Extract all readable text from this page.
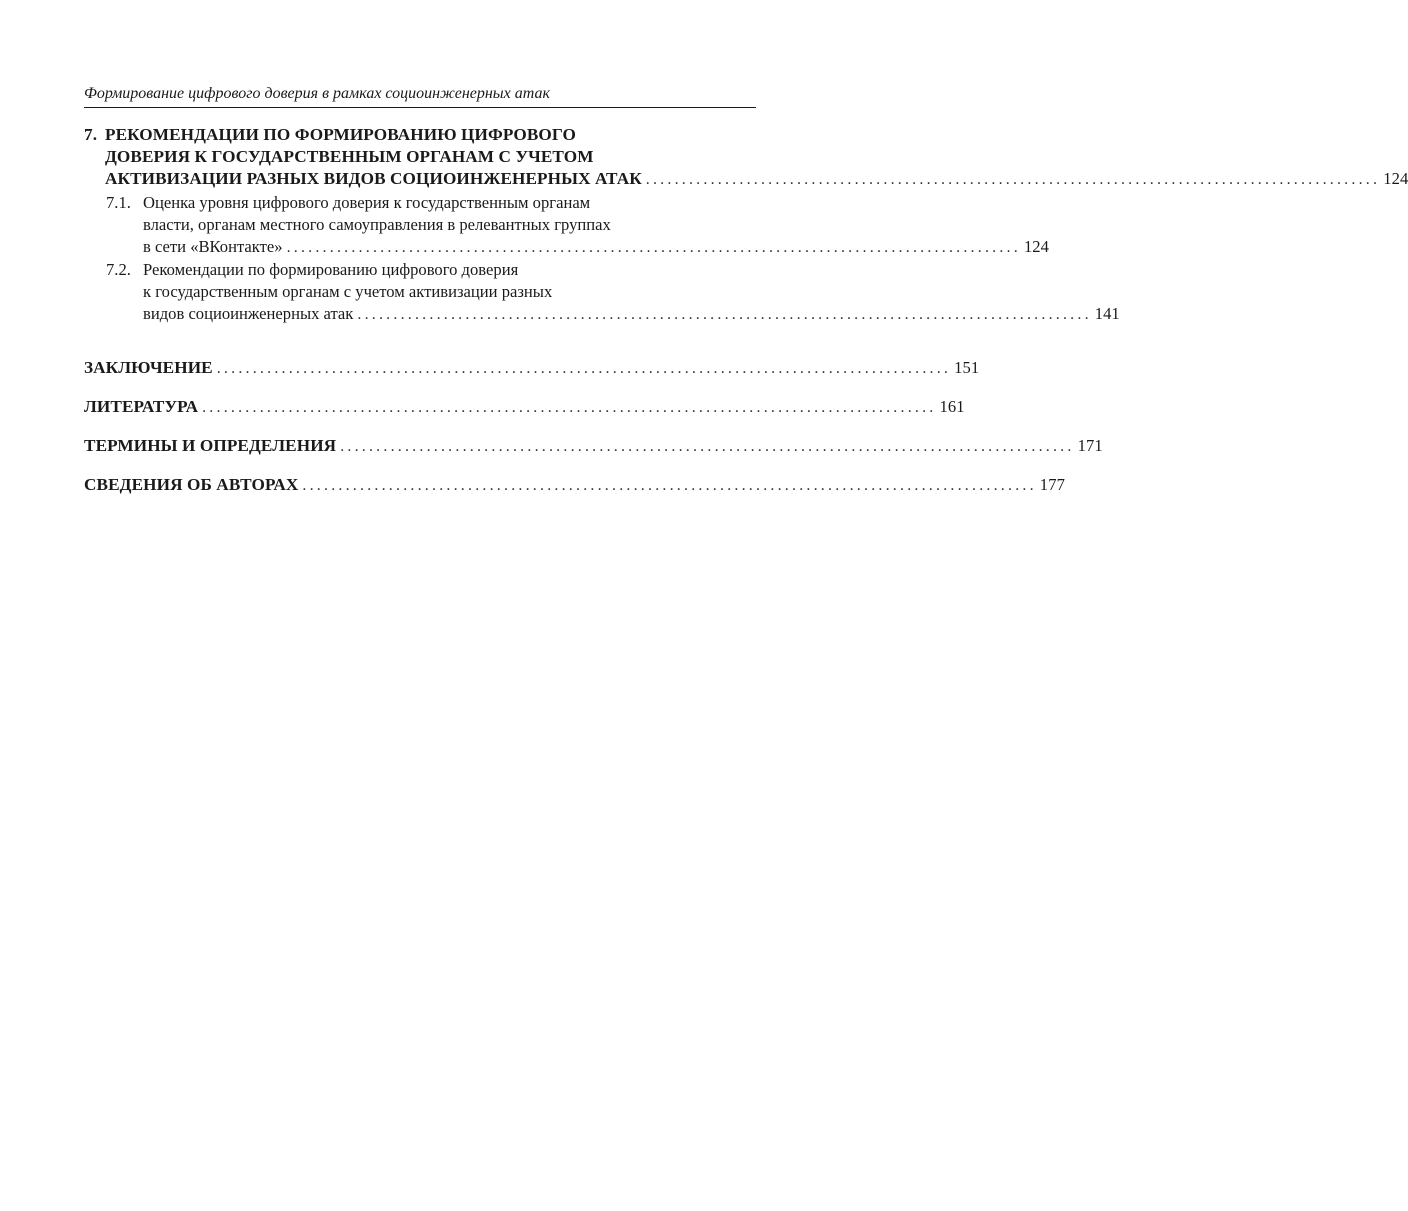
Формирование цифрового доверия в рамках социоинженерных атак
7. РЕКОМЕНДАЦИИ ПО ФОРМИРОВАНИЮ ЦИФРОВОГО
ДОВЕРИЯ К ГОСУДАРСТВЕННЫМ ОРГАНАМ С УЧЕТОМ
АКТИВИЗАЦИИ РАЗНЫХ ВИДОВ СОЦИОИНЖЕНЕРНЫХ АТАК ...................................................................................................... 124
7.1. Оценка уровня цифрового доверия к государственным органам
власти, органам местного самоуправления в релевантных группах
в сети «ВКонтакте» ...................................................................................................... 124
7.2. Рекомендации по формированию цифрового доверия
к государственным органам с учетом активизации разных
видов социоинженерных атак ...................................................................................................... 141
ЗАКЛЮЧЕНИЕ ...................................................................................................... 151
ЛИТЕРАТУРА ...................................................................................................... 161
ТЕРМИНЫ И ОПРЕДЕЛЕНИЯ ...................................................................................................... 171
СВЕДЕНИЯ ОБ АВТОРАХ ...................................................................................................... 177
